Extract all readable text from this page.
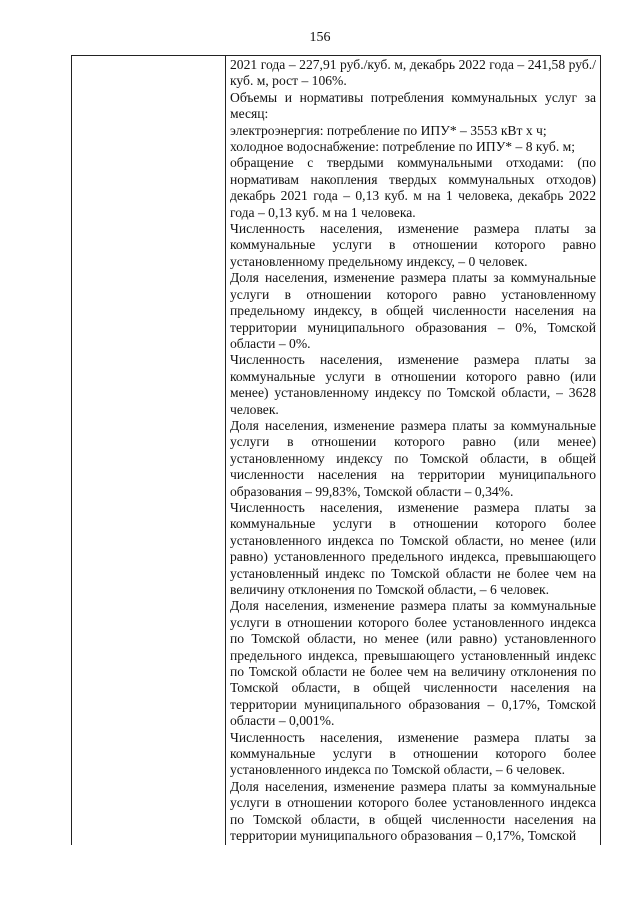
156

2021 года – 227,91 руб./куб. м, декабрь 2022 года – 241,58 руб./куб. м, рост – 106%.

Объемы и нормативы потребления коммунальных услуг за месяц:

электроэнергия: потребление по ИПУ* – 3553 кВт х ч;

холодное водоснабжение: потребление по ИПУ* – 8 куб. м;

обращение с твердыми коммунальными отходами: (по нормативам накопления твердых коммунальных отходов) декабрь 2021 года – 0,13 куб. м на 1 человека, декабрь 2022 года – 0,13 куб. м на 1 человека.

Численность населения, изменение размера платы за коммунальные услуги в отношении которого равно установленному предельному индексу, – 0 человек.

Доля населения, изменение размера платы за коммунальные услуги в отношении которого равно установленному предельному индексу, в общей численности населения на территории муниципального образования – 0%, Томской области – 0%.

Численность населения, изменение размера платы за коммунальные услуги в отношении которого равно (или менее) установленному индексу по Томской области, – 3628 человек.

Доля населения, изменение размера платы за коммунальные услуги в отношении которого равно (или менее) установленному индексу по Томской области, в общей численности населения на территории муниципального образования – 99,83%, Томской области – 0,34%.

Численность населения, изменение размера платы за коммунальные услуги в отношении которого более установленного индекса по Томской области, но менее (или равно) установленного предельного индекса, превышающего установленный индекс по Томской области не более чем на величину отклонения по Томской области, – 6 человек.

Доля населения, изменение размера платы за коммунальные услуги в отношении которого более установленного индекса по Томской области, но менее (или равно) установленного предельного индекса, превышающего установленный индекс по Томской области не более чем на величину отклонения по Томской области, в общей численности населения на территории муниципального образования – 0,17%, Томской области – 0,001%.

Численность населения, изменение размера платы за коммунальные услуги в отношении которого более установленного индекса по Томской области, – 6 человек.

Доля населения, изменение размера платы за коммунальные услуги в отношении которого более установленного индекса по Томской области, в общей численности населения на территории муниципального образования – 0,17%, Томской
